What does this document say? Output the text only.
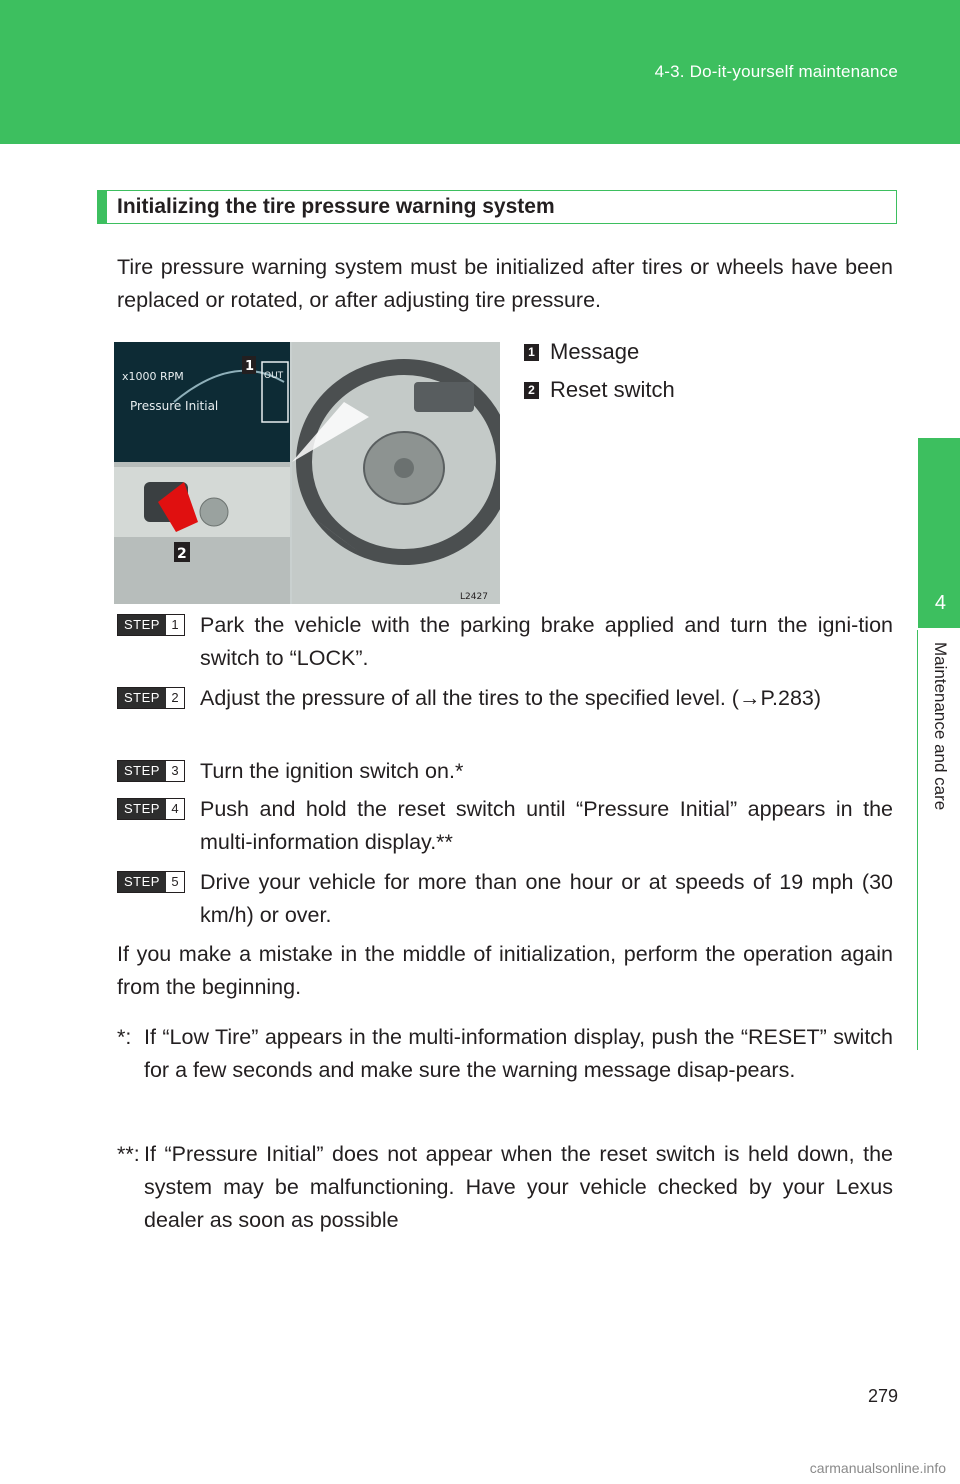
4-3. Do-it-yourself maintenance
4
Maintenance and care
Initializing the tire pressure warning system
Tire pressure warning system must be initialized after tires or wheels have been replaced or rotated, or after adjusting tire pressure.
x1000 RPM
Pressure Initial
OUT
1
2
L2427
1 Message
2 Reset switch
STEP 1 Park the vehicle with the parking brake applied and turn the igni-tion switch to “LOCK”.
STEP 2 Adjust the pressure of all the tires to the specified level. (→P.283)
STEP 3 Turn the ignition switch on.*
STEP 4 Push and hold the reset switch until “Pressure Initial” appears in the multi-information display.**
STEP 5 Drive your vehicle for more than one hour or at speeds of 19 mph (30 km/h) or over.
If you make a mistake in the middle of initialization, perform the operation again from the beginning.
*: If “Low Tire” appears in the multi-information display, push the “RESET” switch for a few seconds and make sure the warning message disap-pears.
**: If “Pressure Initial” does not appear when the reset switch is held down, the system may be malfunctioning. Have your vehicle checked by your Lexus dealer as soon as possible
279
carmanualsonline.info
